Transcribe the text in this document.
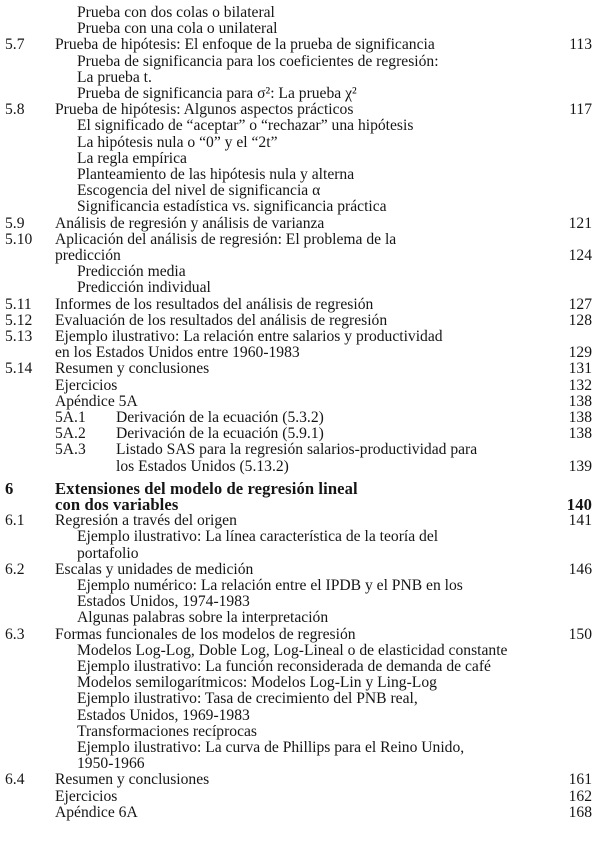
Prueba con dos colas o bilateral
Prueba con una cola o unilateral
5.7 Prueba de hipótesis: El enfoque de la prueba de significancia	113
Prueba de significancia para los coeficientes de regresión:
La prueba t.
Prueba de significancia para σ²: La prueba χ²
5.8 Prueba de hipótesis: Algunos aspectos prácticos	117
El significado de “aceptar” o “rechazar” una hipótesis
La hipótesis nula o “0” y el “2t”
La regla empírica
Planteamiento de las hipótesis nula y alterna
Escogencia del nivel de significancia α
Significancia estadística vs. significancia práctica
5.9 Análisis de regresión y análisis de varianza	121
5.10 Aplicación del análisis de regresión: El problema de la
predicción	124
Predicción media
Predicción individual
5.11 Informes de los resultados del análisis de regresión	127
5.12 Evaluación de los resultados del análisis de regresión	128
5.13 Ejemplo ilustrativo: La relación entre salarios y productividad
en los Estados Unidos entre 1960-1983	129
5.14 Resumen y conclusiones	131
Ejercicios	132
Apéndice 5A	138
5A.1 Derivación de la ecuación (5.3.2)	138
5A.2 Derivación de la ecuación (5.9.1)	138
5A.3 Listado SAS para la regresión salarios-productividad para
los Estados Unidos (5.13.2)	139
6	Extensiones del modelo de regresión lineal
con dos variables	140
6.1 Regresión a través del origen	141
Ejemplo ilustrativo: La línea característica de la teoría del
portafolio
6.2 Escalas y unidades de medición	146
Ejemplo numérico: La relación entre el IPDB y el PNB en los
Estados Unidos, 1974-1983
Algunas palabras sobre la interpretación
6.3 Formas funcionales de los modelos de regresión	150
Modelos Log-Log, Doble Log, Log-Lineal o de elasticidad constante
Ejemplo ilustrativo: La función reconsiderada de demanda de café
Modelos semilogarítmicos: Modelos Log-Lin y Ling-Log
Ejemplo ilustrativo: Tasa de crecimiento del PNB real,
Estados Unidos, 1969-1983
Transformaciones recíprocas
Ejemplo ilustrativo: La curva de Phillips para el Reino Unido,
1950-1966
6.4 Resumen y conclusiones	161
Ejercicios	162
Apéndice 6A	168
